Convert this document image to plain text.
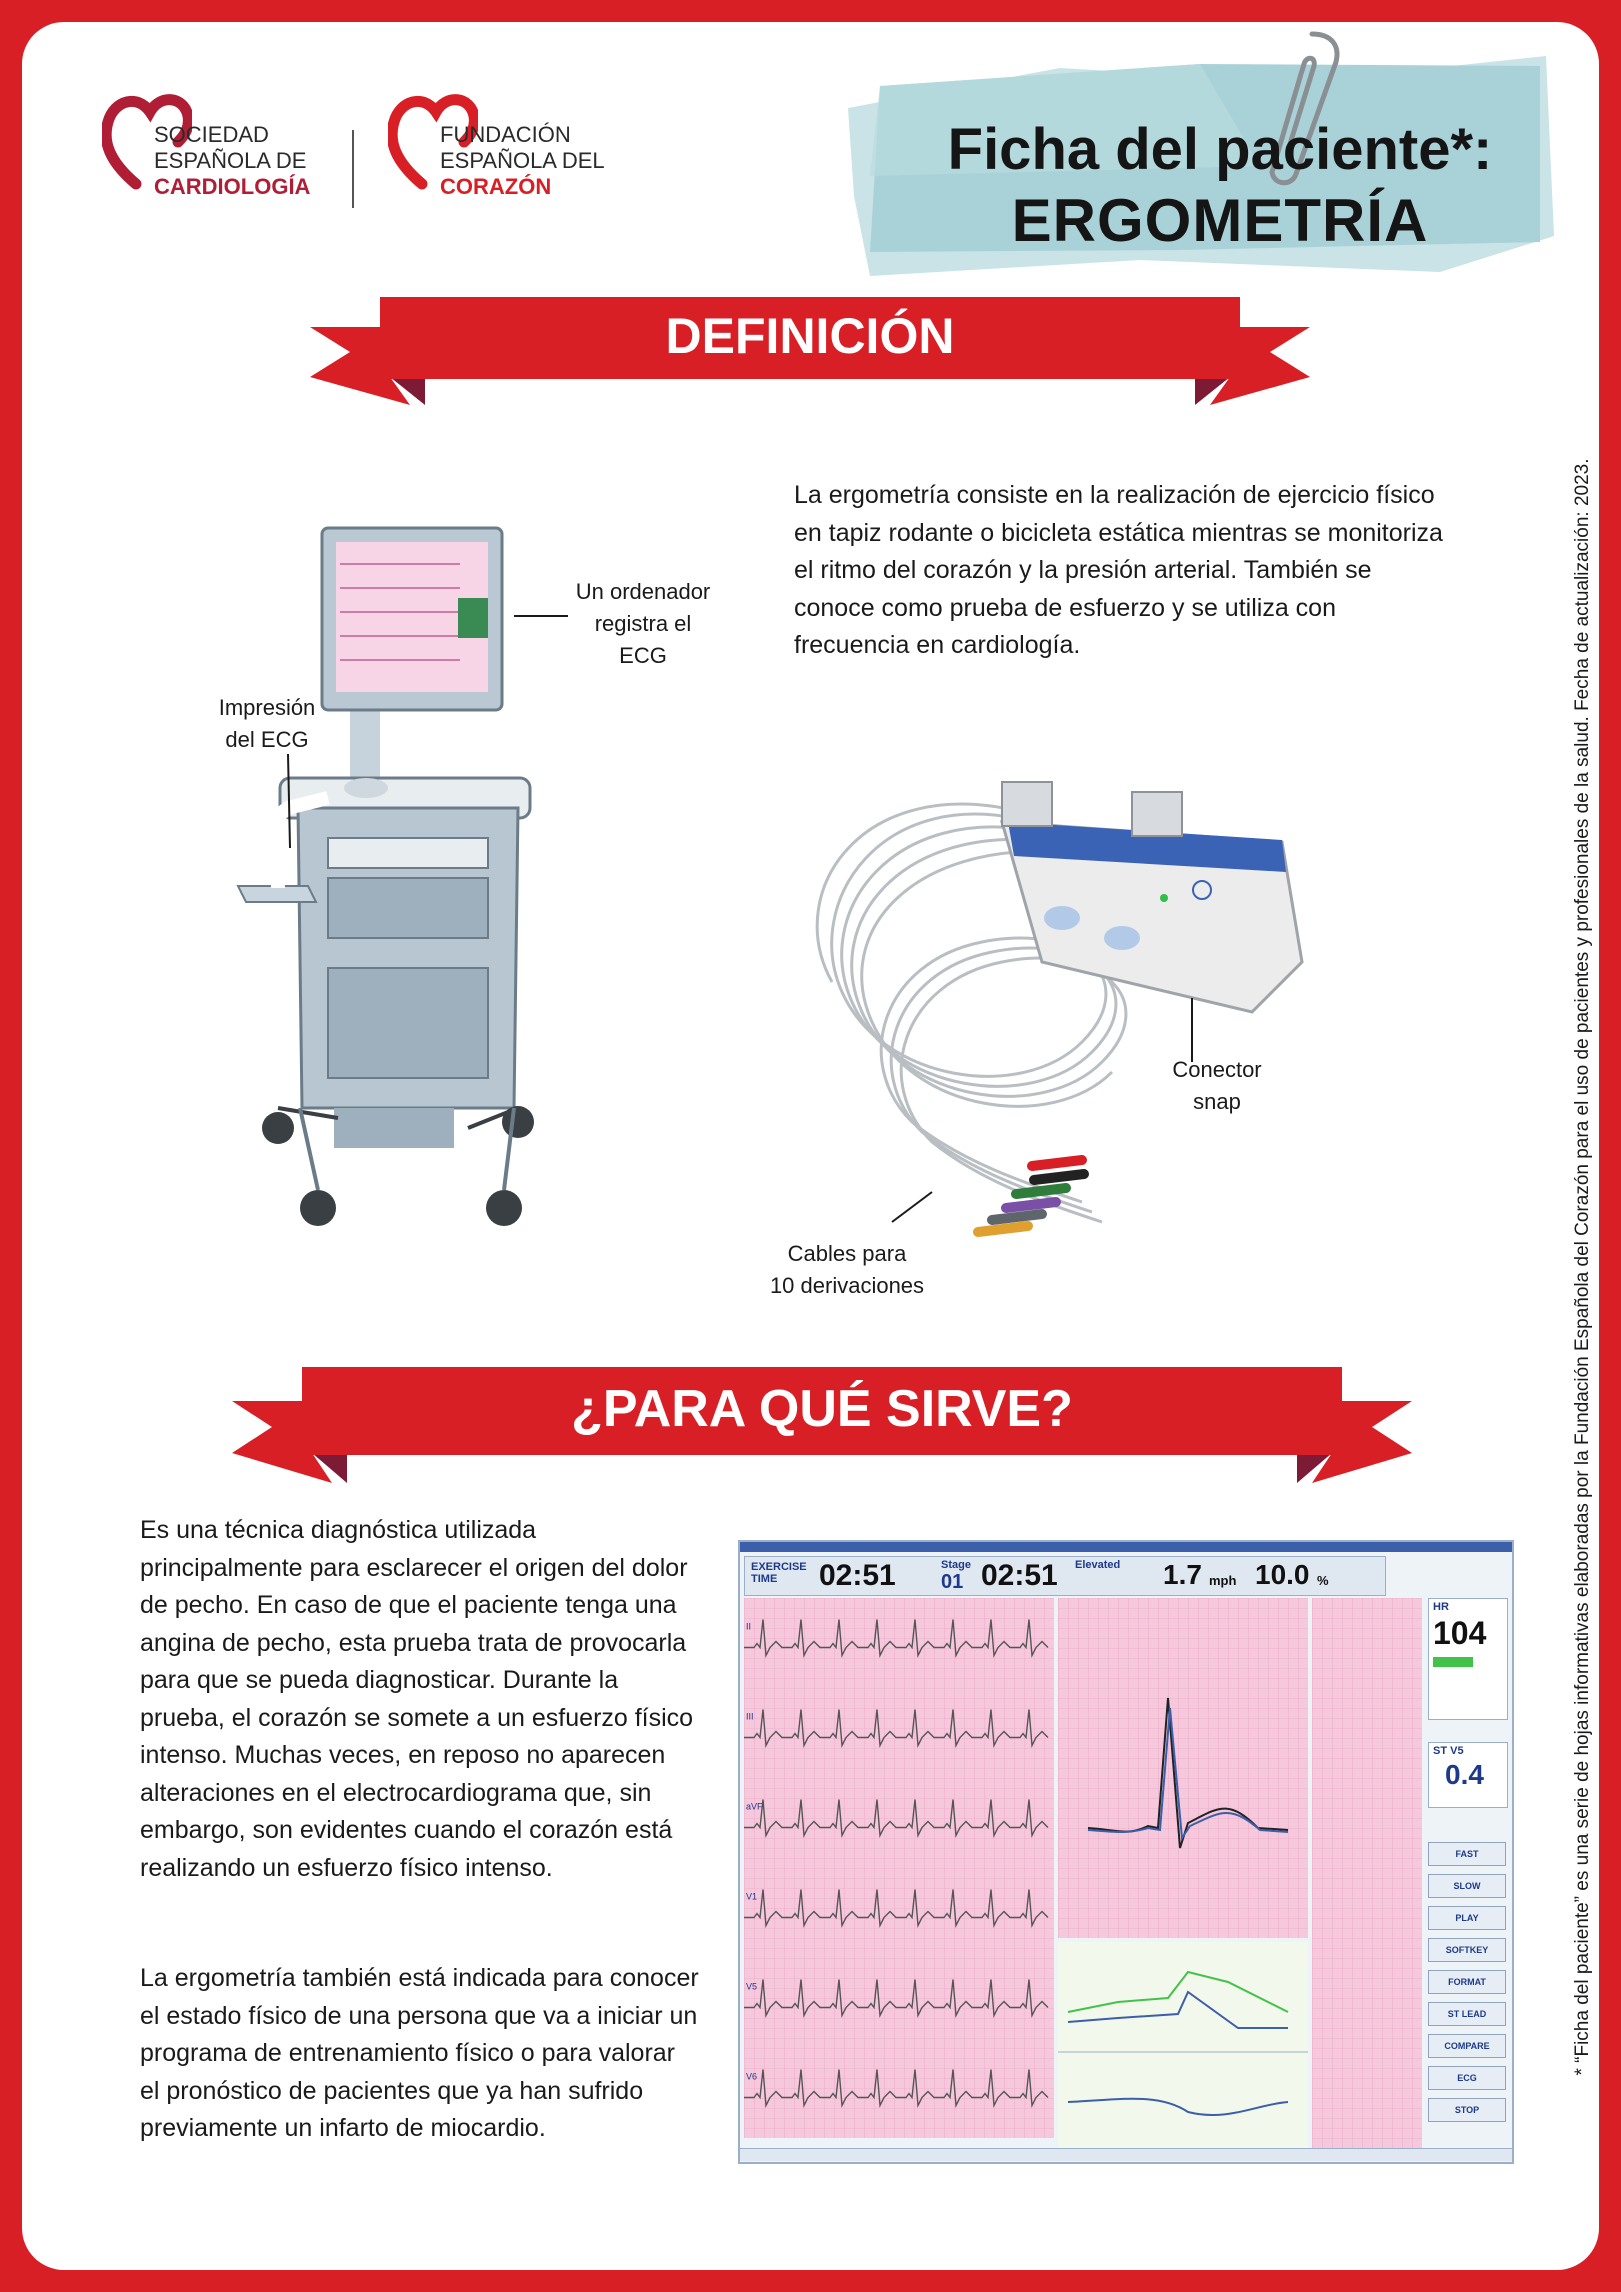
SOCIEDAD
ESPAÑOLA DE
CARDIOLOGÍA
FUNDACIÓN
ESPAÑOLA DEL
CORAZÓN
Ficha del paciente*:
ERGOMETRÍA
DEFINICIÓN
Un ordenador
registra el
ECG
Impresión
del ECG
La ergometría consiste en la realización de ejercicio físico en tapiz rodante o bicicleta estática mientras se monitoriza el ritmo del corazón y la presión arterial. También se conoce como prueba de esfuerzo y se utiliza con frecuencia en cardiología.
Conector
snap
Cables para
10 derivaciones
¿PARA QUÉ SIRVE?
Es una técnica diagnóstica utilizada principalmente para esclarecer el origen del dolor de pecho. En caso de que el paciente tenga una angina de pecho, esta prueba trata de provocarla para que se pueda diagnosticar. Durante la prueba, el corazón se somete a un esfuerzo físico intenso. Muchas veces, en reposo no aparecen alteraciones en el electrocardiograma que, sin embargo, son evidentes cuando el corazón está realizando un esfuerzo físico intenso.
La ergometría también está indicada para conocer el estado físico de una persona que va a iniciar un programa de entrenamiento físico o para valorar el pronóstico de pacientes que ya han sufrido previamente un infarto de miocardio.
EXERCISE TIME	02:51	Stage
01 02:51 Elevated 1.7 mph 10.0 %
II
III
aVF
V1
V5
V6
HR
104
ST V5
0.4
FAST
SLOW
PLAY
SOFTKEY
FORMAT
ST LEAD
COMPARE
ECG
STOP
* “Ficha del paciente” es una serie de hojas informativas elaboradas por la Fundación Española del Corazón para el uso de pacientes y profesionales de la salud. Fecha de actualización: 2023.
